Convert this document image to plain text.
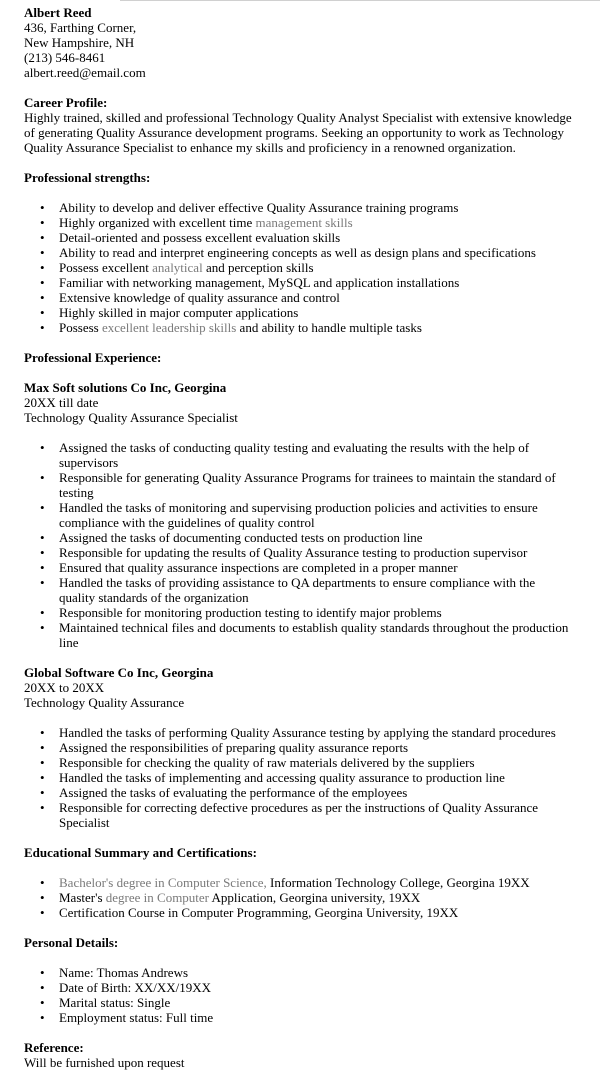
Albert Reed
436, Farthing Corner,
New Hampshire, NH
(213) 546-8461
albert.reed@email.com
Career Profile:
Highly trained, skilled and professional Technology Quality Analyst Specialist with extensive knowledge
of generating Quality Assurance development programs. Seeking an opportunity to work as Technology
Quality Assurance Specialist to enhance my skills and proficiency in a renowned organization.
Professional strengths:
• Ability to develop and deliver effective Quality Assurance training programs
• Highly organized with excellent time management skills
• Detail-oriented and possess excellent evaluation skills
• Ability to read and interpret engineering concepts as well as design plans and specifications
• Possess excellent analytical and perception skills
• Familiar with networking management, MySQL and application installations
• Extensive knowledge of quality assurance and control
• Highly skilled in major computer applications
• Possess excellent leadership skills and ability to handle multiple tasks
Professional Experience:
Max Soft solutions Co Inc, Georgina
20XX till date
Technology Quality Assurance Specialist
• Assigned the tasks of conducting quality testing and evaluating the results with the help of
supervisors
• Responsible for generating Quality Assurance Programs for trainees to maintain the standard of
testing
• Handled the tasks of monitoring and supervising production policies and activities to ensure
compliance with the guidelines of quality control
• Assigned the tasks of documenting conducted tests on production line
• Responsible for updating the results of Quality Assurance testing to production supervisor
• Ensured that quality assurance inspections are completed in a proper manner
• Handled the tasks of providing assistance to QA departments to ensure compliance with the
quality standards of the organization
• Responsible for monitoring production testing to identify major problems
• Maintained technical files and documents to establish quality standards throughout the production
line
Global Software Co Inc, Georgina
20XX to 20XX
Technology Quality Assurance
• Handled the tasks of performing Quality Assurance testing by applying the standard procedures
• Assigned the responsibilities of preparing quality assurance reports
• Responsible for checking the quality of raw materials delivered by the suppliers
• Handled the tasks of implementing and accessing quality assurance to production line
• Assigned the tasks of evaluating the performance of the employees
• Responsible for correcting defective procedures as per the instructions of Quality Assurance
Specialist
Educational Summary and Certifications:
• Bachelor's degree in Computer Science, Information Technology College, Georgina 19XX
• Master's degree in Computer Application, Georgina university, 19XX
• Certification Course in Computer Programming, Georgina University, 19XX
Personal Details:
• Name: Thomas Andrews
• Date of Birth: XX/XX/19XX
• Marital status: Single
• Employment status: Full time
Reference:
Will be furnished upon request
